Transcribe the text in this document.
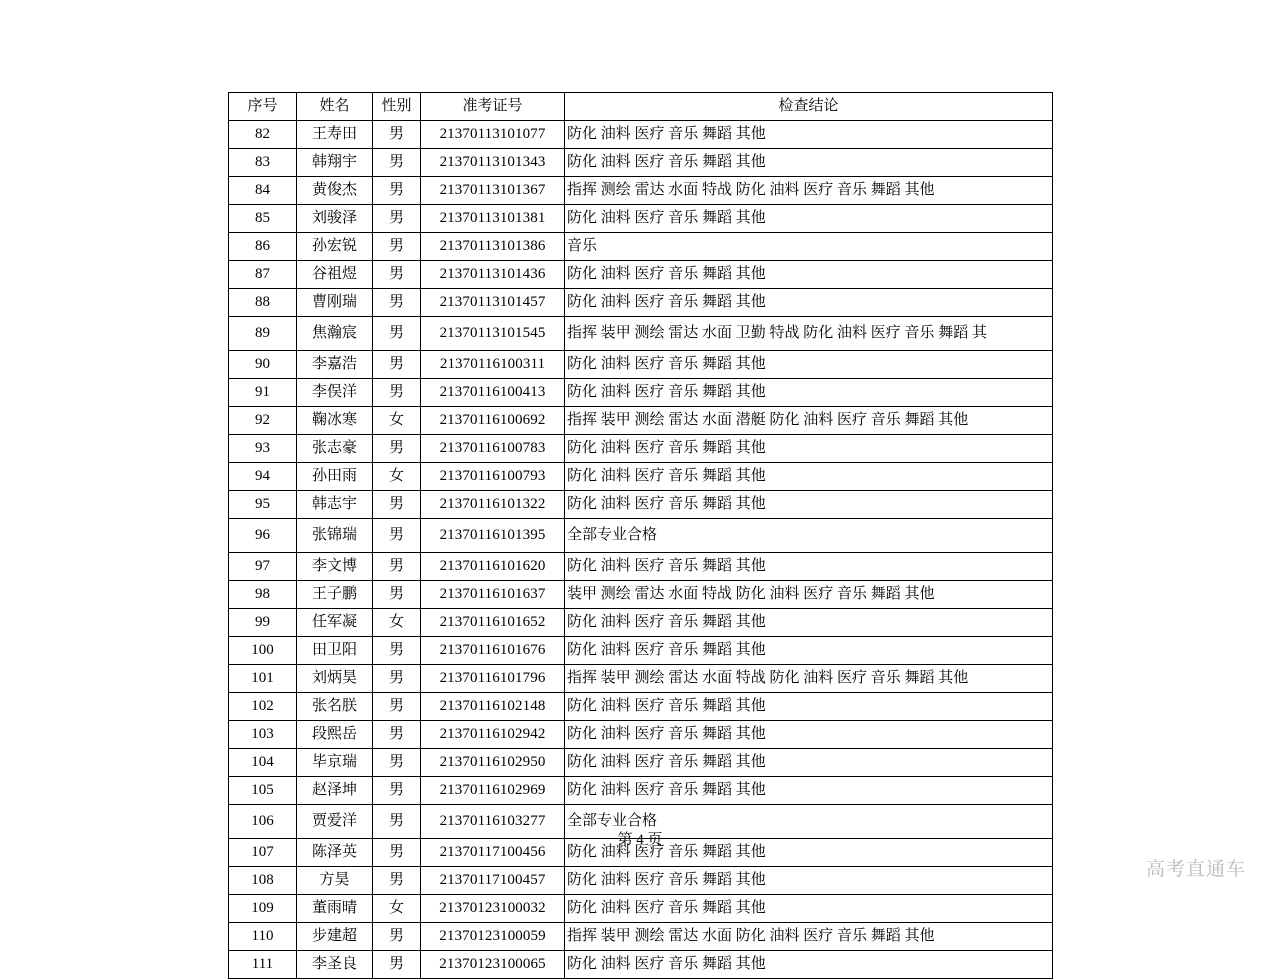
序号	姓名	性别	准考证号	检查结论
82	王寿田	男	21370113101077	防化 油料 医疗 音乐 舞蹈 其他
83	韩翔宇	男	21370113101343	防化 油料 医疗 音乐 舞蹈 其他
84	黄俊杰	男	21370113101367	指挥 测绘 雷达 水面 特战 防化 油料 医疗 音乐 舞蹈 其他
85	刘骏泽	男	21370113101381	防化 油料 医疗 音乐 舞蹈 其他
86	孙宏锐	男	21370113101386	音乐
87	谷祖煜	男	21370113101436	防化 油料 医疗 音乐 舞蹈 其他
88	曹刚瑞	男	21370113101457	防化 油料 医疗 音乐 舞蹈 其他
89	焦瀚宸	男	21370113101545	指挥 装甲 测绘 雷达 水面 卫勤 特战 防化 油料 医疗 音乐 舞蹈 其
90	李嘉浩	男	21370116100311	防化 油料 医疗 音乐 舞蹈 其他
91	李俣洋	男	21370116100413	防化 油料 医疗 音乐 舞蹈 其他
92	鞠冰寒	女	21370116100692	指挥 装甲 测绘 雷达 水面 潜艇 防化 油料 医疗 音乐 舞蹈 其他
93	张志豪	男	21370116100783	防化 油料 医疗 音乐 舞蹈 其他
94	孙田雨	女	21370116100793	防化 油料 医疗 音乐 舞蹈 其他
95	韩志宇	男	21370116101322	防化 油料 医疗 音乐 舞蹈 其他
96	张锦瑞	男	21370116101395	全部专业合格
97	李文博	男	21370116101620	防化 油料 医疗 音乐 舞蹈 其他
98	王子鹏	男	21370116101637	装甲 测绘 雷达 水面 特战 防化 油料 医疗 音乐 舞蹈 其他
99	任军凝	女	21370116101652	防化 油料 医疗 音乐 舞蹈 其他
100	田卫阳	男	21370116101676	防化 油料 医疗 音乐 舞蹈 其他
101	刘炳昊	男	21370116101796	指挥 装甲 测绘 雷达 水面 特战 防化 油料 医疗 音乐 舞蹈 其他
102	张名朕	男	21370116102148	防化 油料 医疗 音乐 舞蹈 其他
103	段熙岳	男	21370116102942	防化 油料 医疗 音乐 舞蹈 其他
104	毕京瑞	男	21370116102950	防化 油料 医疗 音乐 舞蹈 其他
105	赵泽坤	男	21370116102969	防化 油料 医疗 音乐 舞蹈 其他
106	贾爱洋	男	21370116103277	全部专业合格
107	陈泽英	男	21370117100456	防化 油料 医疗 音乐 舞蹈 其他
108	方昊	男	21370117100457	防化 油料 医疗 音乐 舞蹈 其他
109	董雨晴	女	21370123100032	防化 油料 医疗 音乐 舞蹈 其他
110	步建超	男	21370123100059	指挥 装甲 测绘 雷达 水面 防化 油料 医疗 音乐 舞蹈 其他
111	李圣良	男	21370123100065	防化 油料 医疗 音乐 舞蹈 其他
第 4 页
高考直通车
